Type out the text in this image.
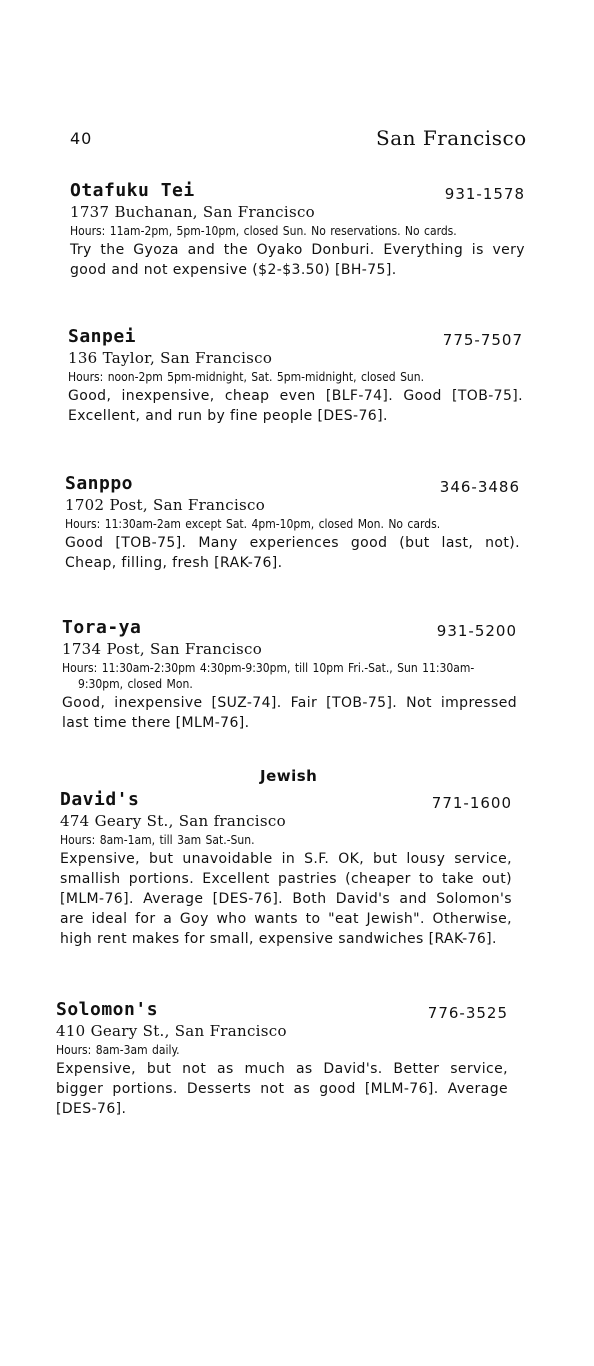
40	San Francisco
Otafuku Tei	931-1578
1737 Buchanan, San Francisco
Hours: 11am-2pm, 5pm-10pm, closed Sun. No reservations. No cards.
Try the Gyoza and the Oyako Donburi. Everything is very good and not expensive ($2-$3.50) [BH-75].
Sanpei	775-7507
136 Taylor, San Francisco
Hours: noon-2pm 5pm-midnight, Sat. 5pm-midnight, closed Sun.
Good, inexpensive, cheap even [BLF-74]. Good [TOB-75]. Excellent, and run by fine people [DES-76].
Sanppo	346-3486
1702 Post, San Francisco
Hours: 11:30am-2am except Sat. 4pm-10pm, closed Mon. No cards.
Good [TOB-75]. Many experiences good (but last, not). Cheap, filling, fresh [RAK-76].
Tora-ya	931-5200
1734 Post, San Francisco
Hours: 11:30am-2:30pm 4:30pm-9:30pm, till 10pm Fri.-Sat., Sun 11:30am-9:30pm, closed Mon.
Good, inexpensive [SUZ-74]. Fair [TOB-75]. Not impressed last time there [MLM-76].
Jewish
David's	771-1600
474 Geary St., San francisco
Hours: 8am-1am, till 3am Sat.-Sun.
Expensive, but unavoidable in S.F. OK, but lousy service, smallish portions. Excellent pastries (cheaper to take out) [MLM-76]. Average [DES-76]. Both David's and Solomon's are ideal for a Goy who wants to "eat Jewish". Otherwise, high rent makes for small, expensive sandwiches [RAK-76].
Solomon's	776-3525
410 Geary St., San Francisco
Hours: 8am-3am daily.
Expensive, but not as much as David's. Better service, bigger portions. Desserts not as good [MLM-76]. Average [DES-76].
